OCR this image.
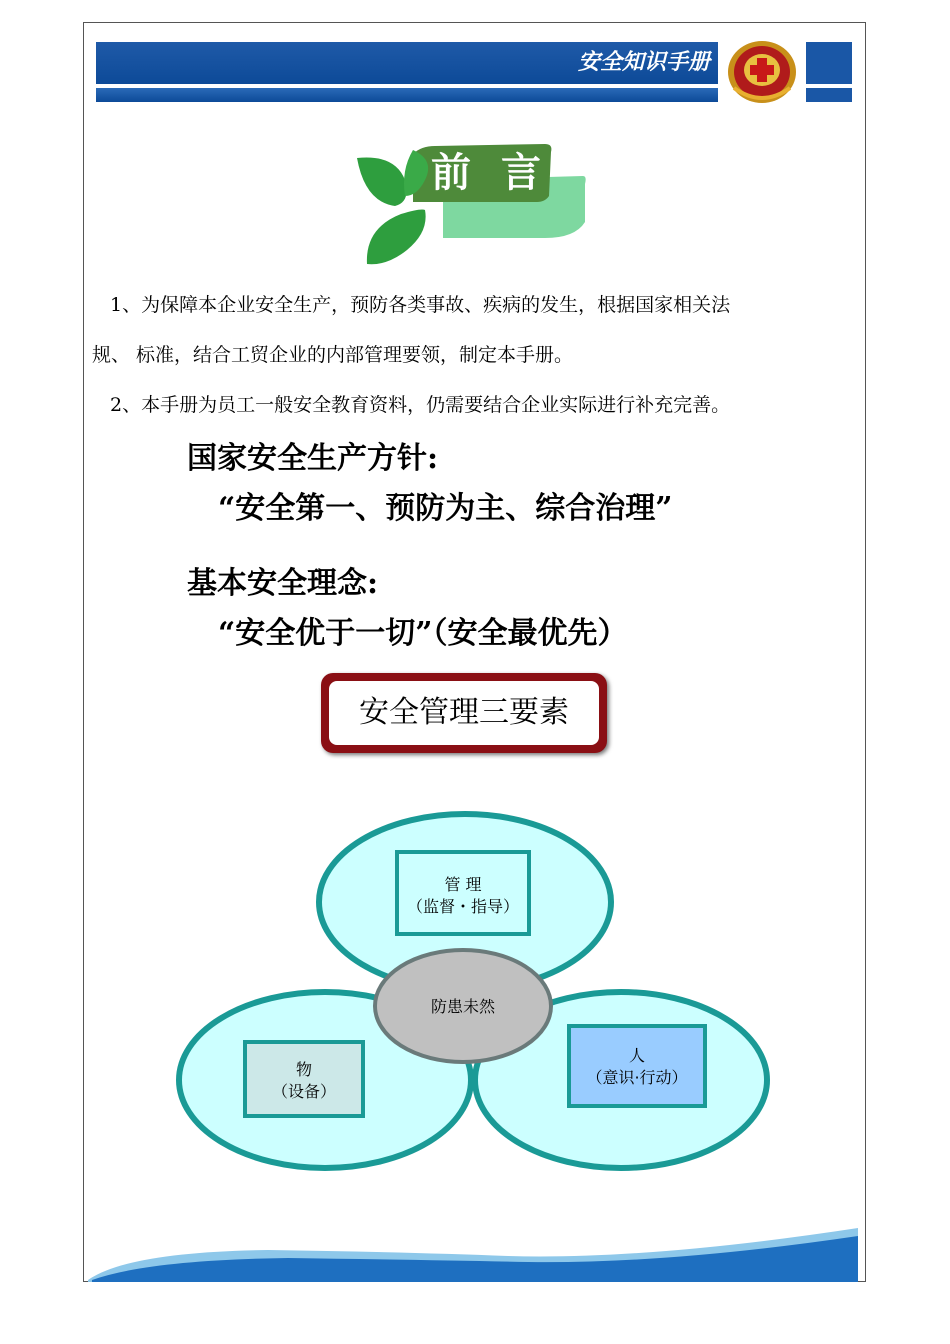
安全知识手册
前 言
1、为保障本企业安全生产，预防各类事故、疾病的发生，根据国家相关法
规、 标准，结合工贸企业的内部管理要领，制定本手册。
2、本手册为员工一般安全教育资料，仍需要结合企业实际进行补充完善。
国家安全生产方针:
“安全第一、预防为主、综合治理”
基本安全理念:
“安全优于一切”（安全最优先）
安全管理三要素
管 理
（监督・指导）
防患未然
物
（设备）
人
（意识·行动）
